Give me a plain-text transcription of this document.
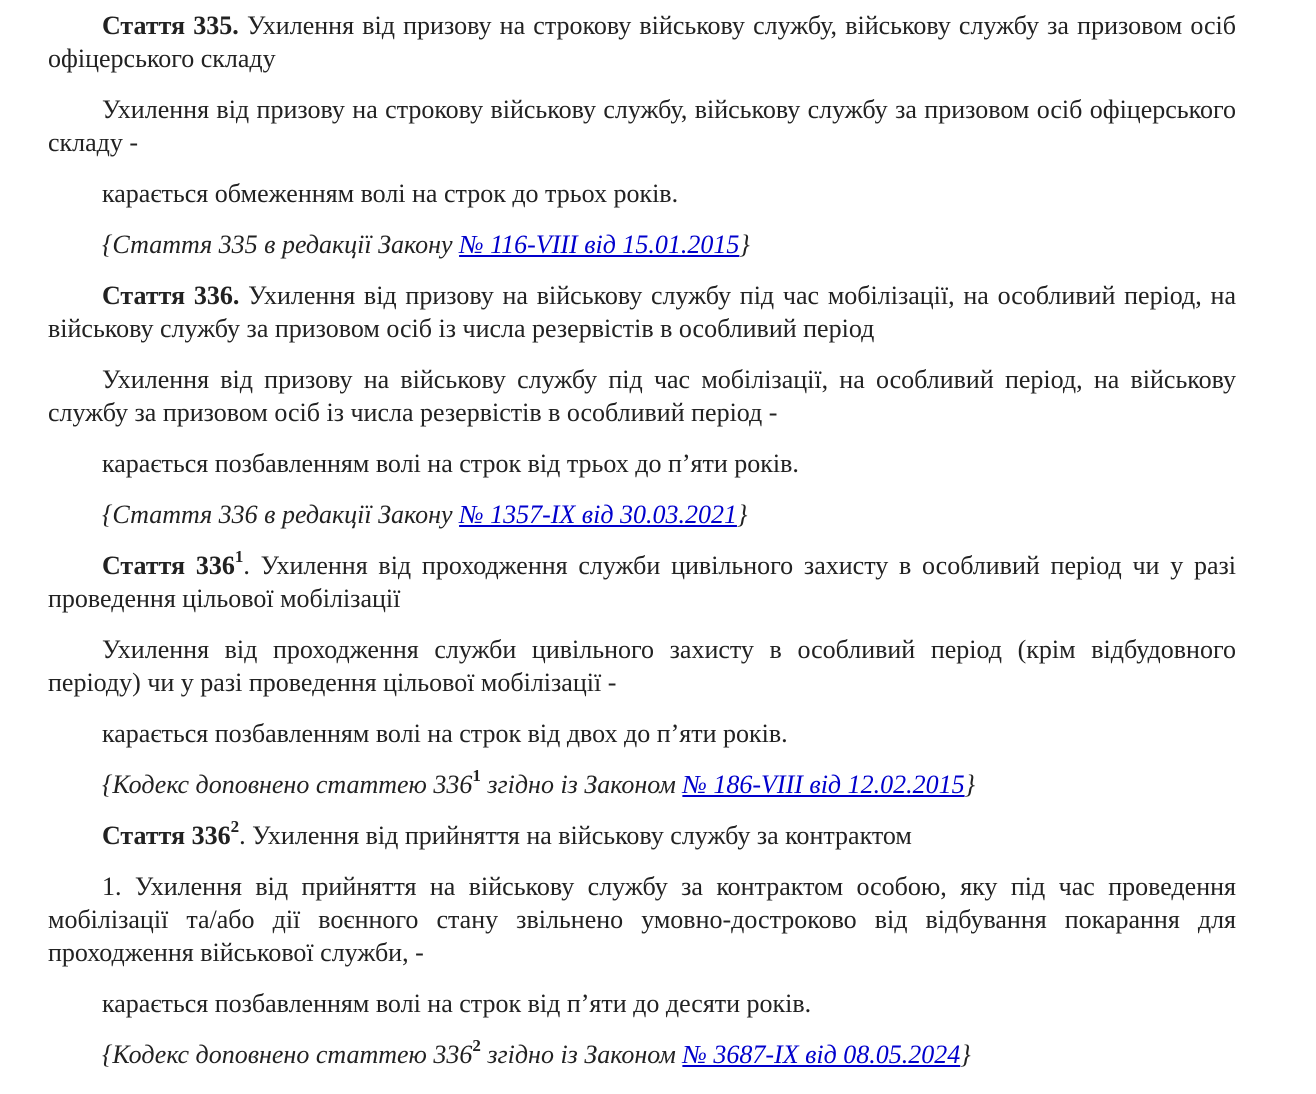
Стаття 335. Ухилення від призову на строкову військову службу, військову службу за призовом осіб офіцерського складу

Ухилення від призову на строкову військову службу, військову службу за призовом осіб офіцерського складу -

карається обмеженням волі на строк до трьох років.

{Стаття 335 в редакції Закону № 116-VIII від 15.01.2015}

Стаття 336. Ухилення від призову на військову службу під час мобілізації, на особливий період, на військову службу за призовом осіб із числа резервістів в особливий період

Ухилення від призову на військову службу під час мобілізації, на особливий період, на військову службу за призовом осіб із числа резервістів в особливий період -

карається позбавленням волі на строк від трьох до п’яти років.

{Стаття 336 в редакції Закону № 1357-IX від 30.03.2021}

Стаття $336^1$. Ухилення від проходження служби цивільного захисту в особливий період чи у разі проведення цільової мобілізації

Ухилення від проходження служби цивільного захисту в особливий період (крім відбудовного періоду) чи у разі проведення цільової мобілізації -

карається позбавленням волі на строк від двох до п’яти років.

{Кодекс доповнено статтею $336^1$ згідно із Законом № 186-VIII від 12.02.2015}

Стаття $336^2$. Ухилення від прийняття на військову службу за контрактом

1. Ухилення від прийняття на військову службу за контрактом особою, яку під час проведення мобілізації та/або дії воєнного стану звільнено умовно-достроково від відбування покарання для проходження військової служби, -

карається позбавленням волі на строк від п’яти до десяти років.

{Кодекс доповнено статтею $336^2$ згідно із Законом № 3687-IX від 08.05.2024}
